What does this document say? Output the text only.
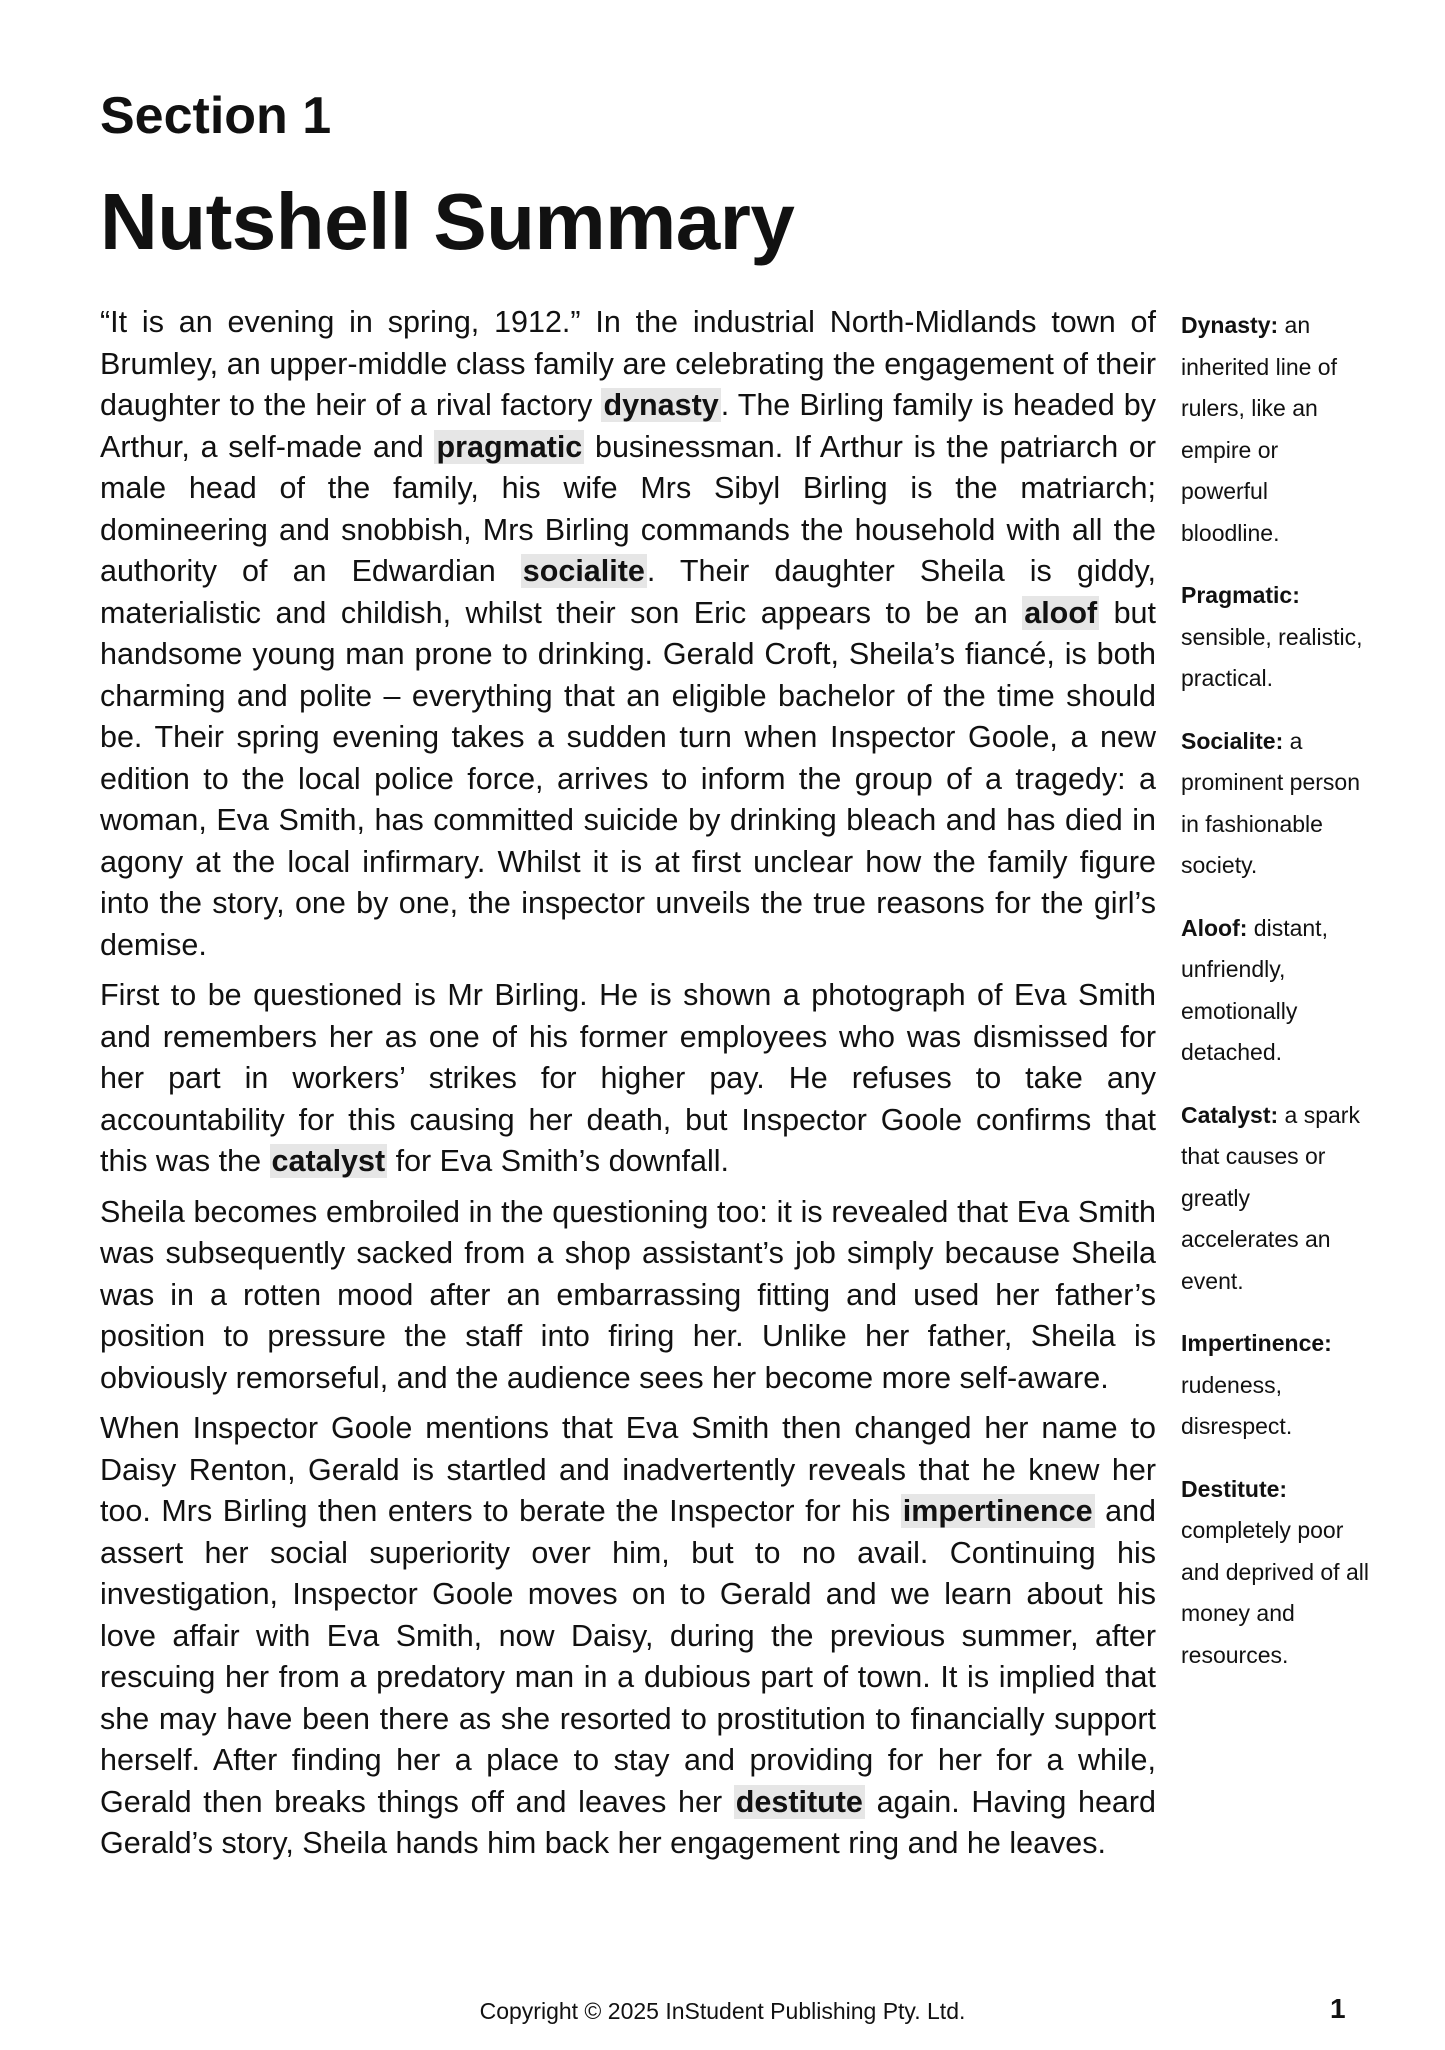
Section 1
Nutshell Summary

“It is an evening in spring, 1912.” In the industrial North-Midlands town of Brumley, an upper-middle class family are celebrating the engagement of their daughter to the heir of a rival factory dynasty. The Birling family is headed by Arthur, a self-made and pragmatic businessman. If Arthur is the patriarch or male head of the family, his wife Mrs Sibyl Birling is the matriarch; domineering and snobbish, Mrs Birling commands the household with all the authority of an Edwardian socialite. Their daughter Sheila is giddy, materialistic and childish, whilst their son Eric appears to be an aloof but handsome young man prone to drinking. Gerald Croft, Sheila’s fiancé, is both charming and polite – everything that an eligible bachelor of the time should be. Their spring evening takes a sudden turn when Inspector Goole, a new edition to the local police force, arrives to inform the group of a tragedy: a woman, Eva Smith, has committed suicide by drinking bleach and has died in agony at the local infirmary. Whilst it is at first unclear how the family figure into the story, one by one, the inspector unveils the true reasons for the girl’s demise.

First to be questioned is Mr Birling. He is shown a photograph of Eva Smith and remembers her as one of his former employees who was dismissed for her part in workers’ strikes for higher pay. He refuses to take any accountability for this causing her death, but Inspector Goole confirms that this was the catalyst for Eva Smith’s downfall.

Sheila becomes embroiled in the questioning too: it is revealed that Eva Smith was subsequently sacked from a shop assistant’s job simply because Sheila was in a rotten mood after an embarrassing fitting and used her father’s position to pressure the staff into firing her. Unlike her father, Sheila is obviously remorseful, and the audience sees her become more self-aware.

When Inspector Goole mentions that Eva Smith then changed her name to Daisy Renton, Gerald is startled and inadvertently reveals that he knew her too. Mrs Birling then enters to berate the Inspector for his impertinence and assert her social superiority over him, but to no avail. Continuing his investigation, Inspector Goole moves on to Gerald and we learn about his love affair with Eva Smith, now Daisy, during the previous summer, after rescuing her from a predatory man in a dubious part of town. It is implied that she may have been there as she resorted to prostitution to financially support herself. After finding her a place to stay and providing for her for a while, Gerald then breaks things off and leaves her destitute again. Having heard Gerald’s story, Sheila hands him back her engagement ring and he leaves.

Dynasty: an inherited line of rulers, like an empire or powerful bloodline.
Pragmatic: sensible, realistic, practical.
Socialite: a prominent person in fashionable society.
Aloof: distant, unfriendly, emotionally detached.
Catalyst: a spark that causes or greatly accelerates an event.
Impertinence: rudeness, disrespect.
Destitute: completely poor and deprived of all money and resources.
Copyright © 2025 InStudent Publishing Pty. Ltd.	1
